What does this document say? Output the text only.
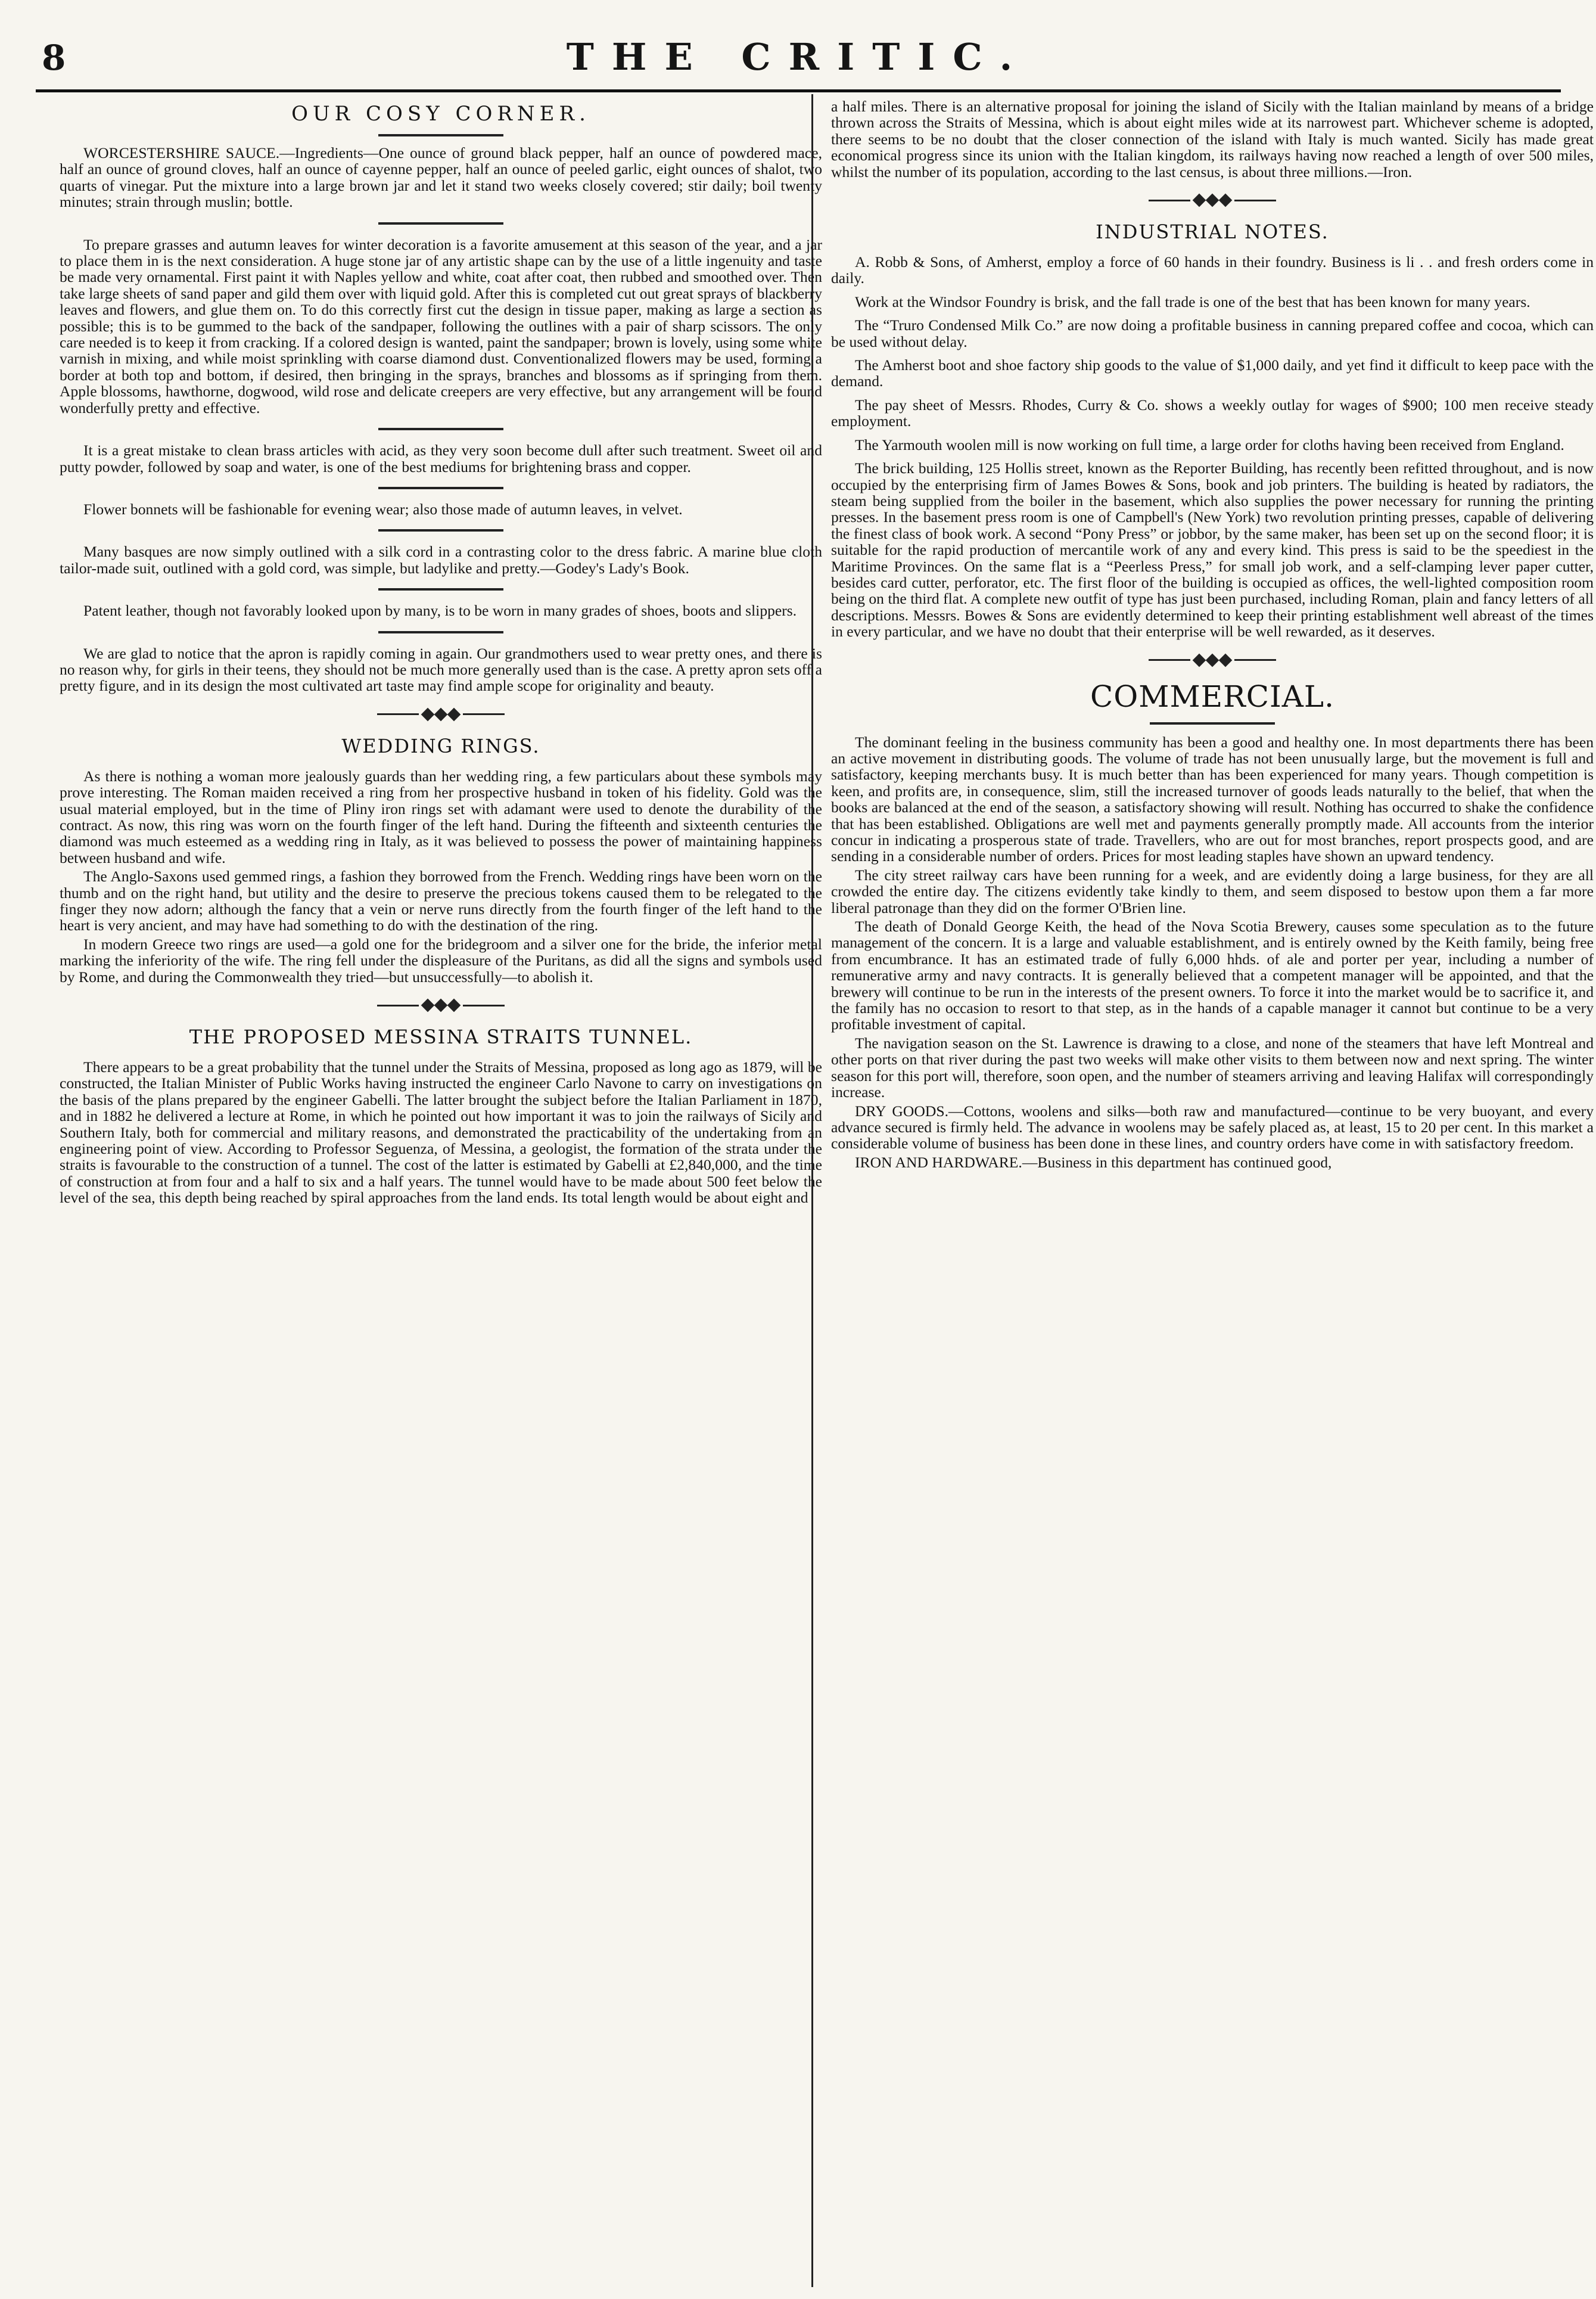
8	THE CRITIC.
OUR COSY CORNER.

WORCESTERSHIRE SAUCE.—Ingredients—One ounce of ground black pepper, half an ounce of powdered mace, half an ounce of ground cloves, half an ounce of cayenne pepper, half an ounce of peeled garlic, eight ounces of shalot, two quarts of vinegar. Put the mixture into a large brown jar and let it stand two weeks closely covered; stir daily; boil twenty minutes; strain through muslin; bottle.

To prepare grasses and autumn leaves for winter decoration is a favorite amusement at this season of the year, and a jar to place them in is the next consideration. A huge stone jar of any artistic shape can by the use of a little ingenuity and taste be made very ornamental. First paint it with Naples yellow and white, coat after coat, then rubbed and smoothed over. Then take large sheets of sand paper and gild them over with liquid gold. After this is completed cut out great sprays of blackberry leaves and flowers, and glue them on. To do this correctly first cut the design in tissue paper, making as large a section as possible; this is to be gummed to the back of the sandpaper, following the outlines with a pair of sharp scissors. The only care needed is to keep it from cracking. If a colored design is wanted, paint the sandpaper; brown is lovely, using some white varnish in mixing, and while moist sprinkling with coarse diamond dust. Conventionalized flowers may be used, forming a border at both top and bottom, if desired, then bringing in the sprays, branches and blossoms as if springing from them. Apple blossoms, hawthorne, dogwood, wild rose and delicate creepers are very effective, but any arrangement will be found wonderfully pretty and effective.

It is a great mistake to clean brass articles with acid, as they very soon become dull after such treatment. Sweet oil and putty powder, followed by soap and water, is one of the best mediums for brightening brass and copper.

Flower bonnets will be fashionable for evening wear; also those made of autumn leaves, in velvet.

Many basques are now simply outlined with a silk cord in a contrasting color to the dress fabric. A marine blue cloth tailor-made suit, outlined with a gold cord, was simple, but ladylike and pretty.—Godey's Lady's Book.

Patent leather, though not favorably looked upon by many, is to be worn in many grades of shoes, boots and slippers.

We are glad to notice that the apron is rapidly coming in again. Our grandmothers used to wear pretty ones, and there is no reason why, for girls in their teens, they should not be much more generally used than is the case. A pretty apron sets off a pretty figure, and in its design the most cultivated art taste may find ample scope for originality and beauty.

WEDDING RINGS.

As there is nothing a woman more jealously guards than her wedding ring, a few particulars about these symbols may prove interesting. The Roman maiden received a ring from her prospective husband in token of his fidelity. Gold was the usual material employed, but in the time of Pliny iron rings set with adamant were used to denote the durability of the contract. As now, this ring was worn on the fourth finger of the left hand. During the fifteenth and sixteenth centuries the diamond was much esteemed as a wedding ring in Italy, as it was believed to possess the power of maintaining happiness between husband and wife.

The Anglo-Saxons used gemmed rings, a fashion they borrowed from the French. Wedding rings have been worn on the thumb and on the right hand, but utility and the desire to preserve the precious tokens caused them to be relegated to the finger they now adorn; although the fancy that a vein or nerve runs directly from the fourth finger of the left hand to the heart is very ancient, and may have had something to do with the destination of the ring.

In modern Greece two rings are used—a gold one for the bridegroom and a silver one for the bride, the inferior metal marking the inferiority of the wife. The ring fell under the displeasure of the Puritans, as did all the signs and symbols used by Rome, and during the Commonwealth they tried—but unsuccessfully—to abolish it.

THE PROPOSED MESSINA STRAITS TUNNEL.

There appears to be a great probability that the tunnel under the Straits of Messina, proposed as long ago as 1879, will be constructed, the Italian Minister of Public Works having instructed the engineer Carlo Navone to carry on investigations on the basis of the plans prepared by the engineer Gabelli. The latter brought the subject before the Italian Parliament in 1870, and in 1882 he delivered a lecture at Rome, in which he pointed out how important it was to join the railways of Sicily and Southern Italy, both for commercial and military reasons, and demonstrated the practicability of the undertaking from an engineering point of view. According to Professor Seguenza, of Messina, a geologist, the formation of the strata under the straits is favourable to the construction of a tunnel. The cost of the latter is estimated by Gabelli at £2,840,000, and the time of construction at from four and a half to six and a half years. The tunnel would have to be made about 500 feet below the level of the sea, this depth being reached by spiral approaches from the land ends. Its total length would be about eight and

a half miles. There is an alternative proposal for joining the island of Sicily with the Italian mainland by means of a bridge thrown across the Straits of Messina, which is about eight miles wide at its narrowest part. Whichever scheme is adopted, there seems to be no doubt that the closer connection of the island with Italy is much wanted. Sicily has made great economical progress since its union with the Italian kingdom, its railways having now reached a length of over 500 miles, whilst the number of its population, according to the last census, is about three millions.—Iron.

INDUSTRIAL NOTES.

A. Robb & Sons, of Amherst, employ a force of 60 hands in their foundry. Business is li . . and fresh orders come in daily.

Work at the Windsor Foundry is brisk, and the fall trade is one of the best that has been known for many years.

The “Truro Condensed Milk Co.” are now doing a profitable business in canning prepared coffee and cocoa, which can be used without delay.

The Amherst boot and shoe factory ship goods to the value of $1,000 daily, and yet find it difficult to keep pace with the demand.

The pay sheet of Messrs. Rhodes, Curry & Co. shows a weekly outlay for wages of $900; 100 men receive steady employment.

The Yarmouth woolen mill is now working on full time, a large order for cloths having been received from England.

The brick building, 125 Hollis street, known as the Reporter Building, has recently been refitted throughout, and is now occupied by the enterprising firm of James Bowes & Sons, book and job printers. The building is heated by radiators, the steam being supplied from the boiler in the basement, which also supplies the power necessary for running the printing presses. In the basement press room is one of Campbell's (New York) two revolution printing presses, capable of delivering the finest class of book work. A second “Pony Press” or jobbor, by the same maker, has been set up on the second floor; it is suitable for the rapid production of mercantile work of any and every kind. This press is said to be the speediest in the Maritime Provinces. On the same flat is a “Peerless Press,” for small job work, and a self-clamping lever paper cutter, besides card cutter, perforator, etc. The first floor of the building is occupied as offices, the well-lighted composition room being on the third flat. A complete new outfit of type has just been purchased, including Roman, plain and fancy letters of all descriptions. Messrs. Bowes & Sons are evidently determined to keep their printing establishment well abreast of the times in every particular, and we have no doubt that their enterprise will be well rewarded, as it deserves.

COMMERCIAL.

The dominant feeling in the business community has been a good and healthy one. In most departments there has been an active movement in distributing goods. The volume of trade has not been unusually large, but the movement is full and satisfactory, keeping merchants busy. It is much better than has been experienced for many years. Though competition is keen, and profits are, in consequence, slim, still the increased turnover of goods leads naturally to the belief, that when the books are balanced at the end of the season, a satisfactory showing will result. Nothing has occurred to shake the confidence that has been established. Obligations are well met and payments generally promptly made. All accounts from the interior concur in indicating a prosperous state of trade. Travellers, who are out for most branches, report prospects good, and are sending in a considerable number of orders. Prices for most leading staples have shown an upward tendency.

The city street railway cars have been running for a week, and are evidently doing a large business, for they are all crowded the entire day. The citizens evidently take kindly to them, and seem disposed to bestow upon them a far more liberal patronage than they did on the former O'Brien line.

The death of Donald George Keith, the head of the Nova Scotia Brewery, causes some speculation as to the future management of the concern. It is a large and valuable establishment, and is entirely owned by the Keith family, being free from encumbrance. It has an estimated trade of fully 6,000 hhds. of ale and porter per year, including a number of remunerative army and navy contracts. It is generally believed that a competent manager will be appointed, and that the brewery will continue to be run in the interests of the present owners. To force it into the market would be to sacrifice it, and the family has no occasion to resort to that step, as in the hands of a capable manager it cannot but continue to be a very profitable investment of capital.

The navigation season on the St. Lawrence is drawing to a close, and none of the steamers that have left Montreal and other ports on that river during the past two weeks will make other visits to them between now and next spring. The winter season for this port will, therefore, soon open, and the number of steamers arriving and leaving Halifax will correspondingly increase.

DRY GOODS.—Cottons, woolens and silks—both raw and manufactured—continue to be very buoyant, and every advance secured is firmly held. The advance in woolens may be safely placed as, at least, 15 to 20 per cent. In this market a considerable volume of business has been done in these lines, and country orders have come in with satisfactory freedom.

IRON AND HARDWARE.—Business in this department has continued good,
